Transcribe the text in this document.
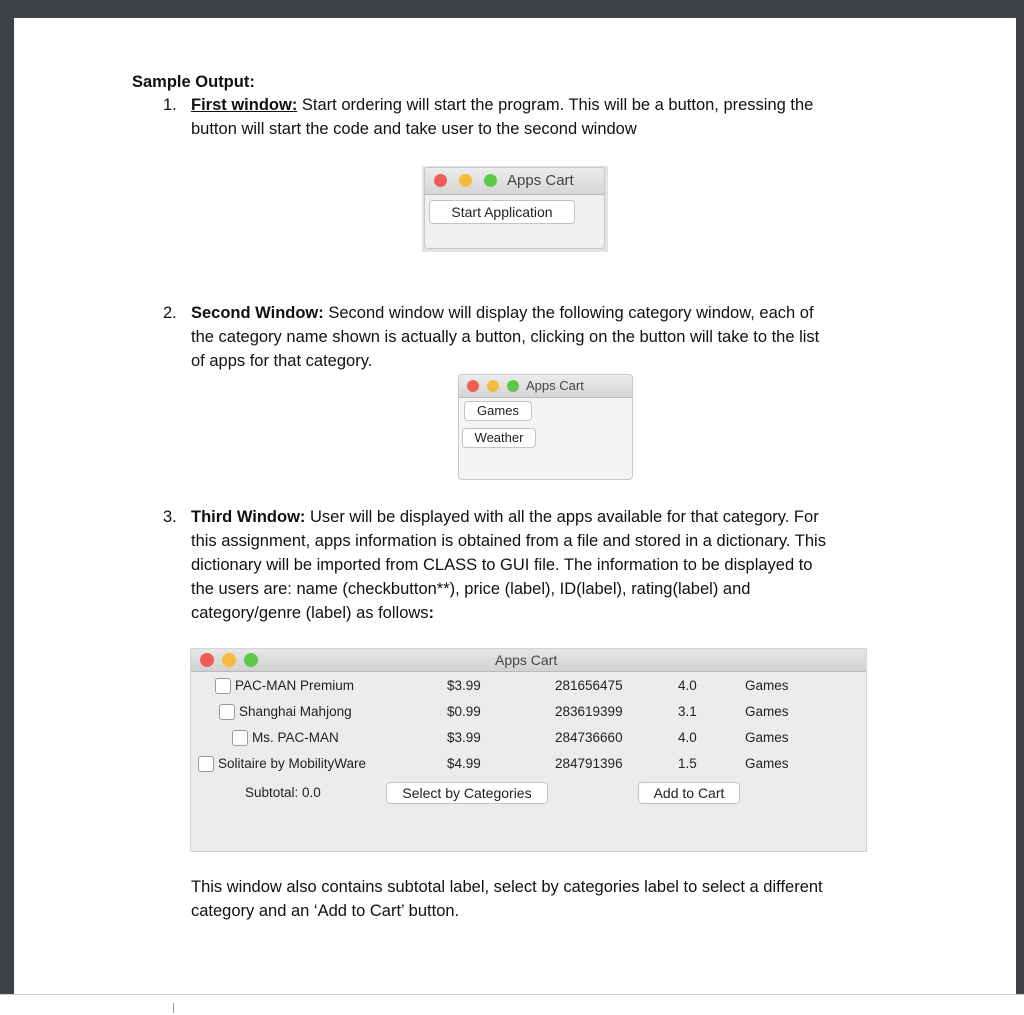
Sample Output:
1. First window: Start ordering will start the program. This will be a button, pressing the
button will start the code and take user to the second window
Apps Cart
Start Application
2. Second Window: Second window will display the following category window, each of
the category name shown is actually a button, clicking on the button will take to the list
of apps for that category.
Apps Cart
Games
Weather
3. Third Window: User will be displayed with all the apps available for that category. For
this assignment, apps information is obtained from a file and stored in a dictionary. This
dictionary will be imported from CLASS to GUI file. The information to be displayed to
the users are: name (checkbutton**), price (label), ID(label), rating(label) and
category/genre (label) as follows:
Apps Cart
PAC-MAN Premium	$3.99	281656475	4.0	Games
Shanghai Mahjong	$0.99	283619399	3.1	Games
Ms. PAC-MAN	$3.99	284736660	4.0	Games
Solitaire by MobilityWare	$4.99	284791396	1.5	Games
Subtotal: 0.0	Select by Categories	Add to Cart
This window also contains subtotal label, select by categories label to select a different
category and an ‘Add to Cart’ button.
